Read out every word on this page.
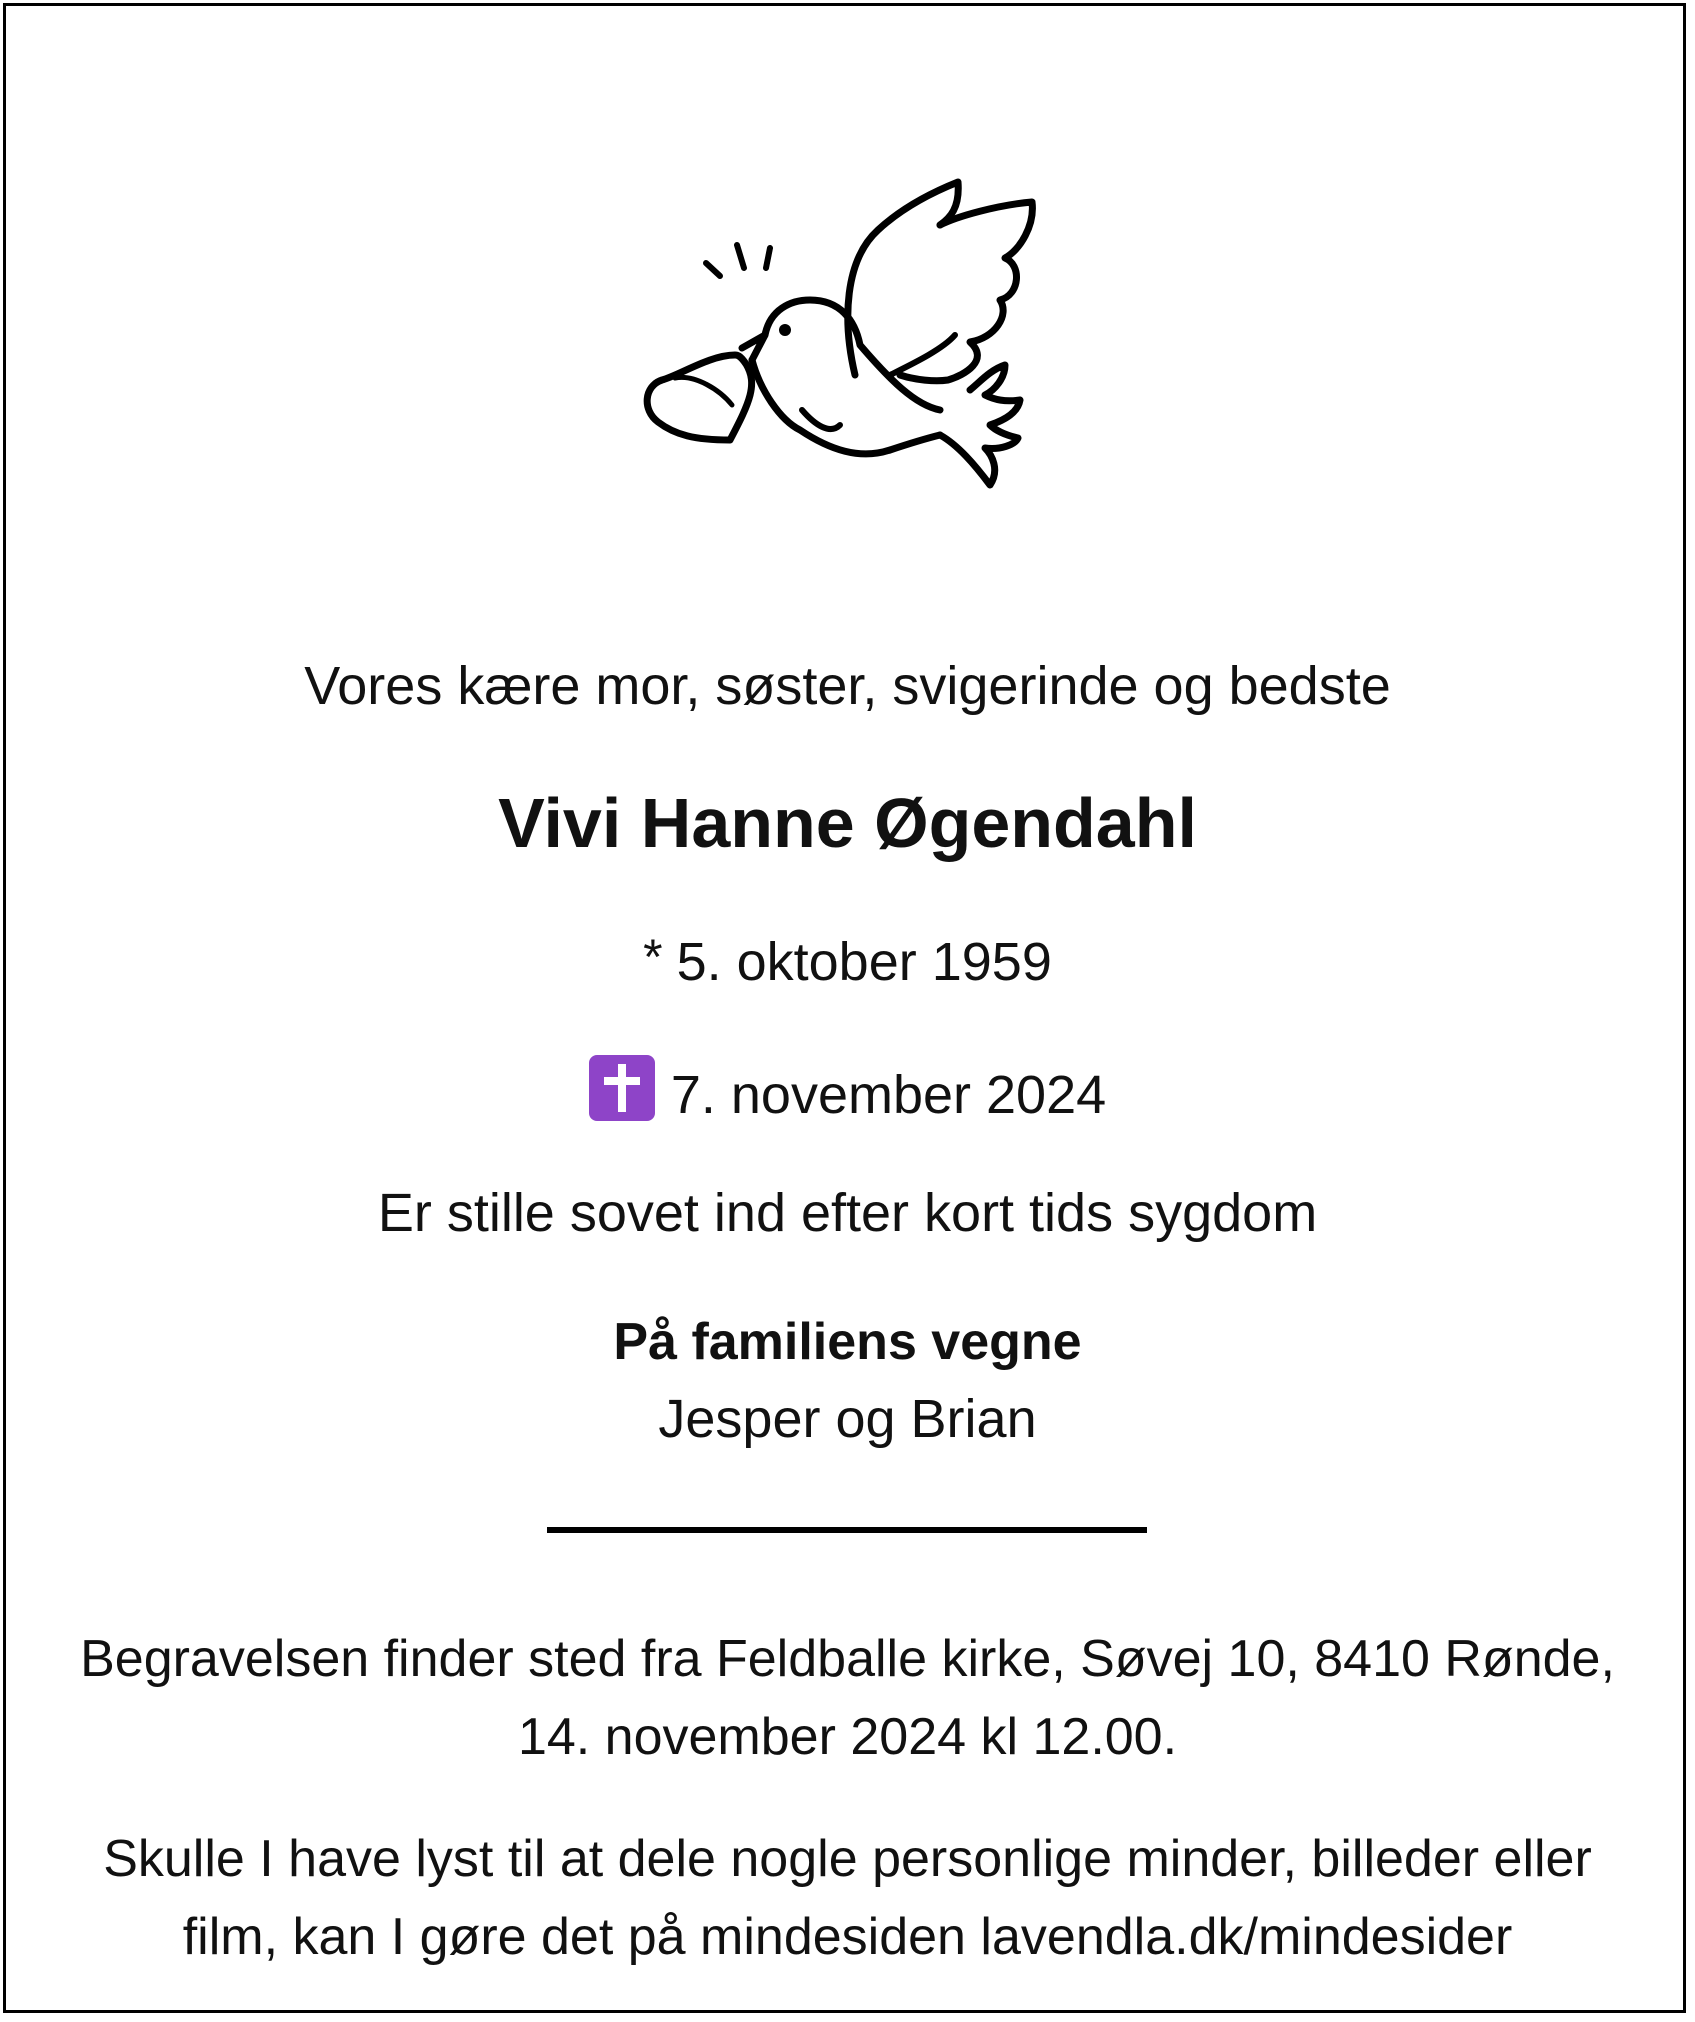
Vores kære mor, søster, svigerinde og bedste
Vivi Hanne Øgendahl
* 5. oktober 1959
7. november 2024
Er stille sovet ind efter kort tids sygdom
På familiens vegne
Jesper og Brian
Begravelsen finder sted fra Feldballe kirke, Søvej 10, 8410 Rønde,
14. november 2024 kl 12.00.
Skulle I have lyst til at dele nogle personlige minder, billeder eller
film, kan I gøre det på mindesiden lavendla.dk/mindesider
